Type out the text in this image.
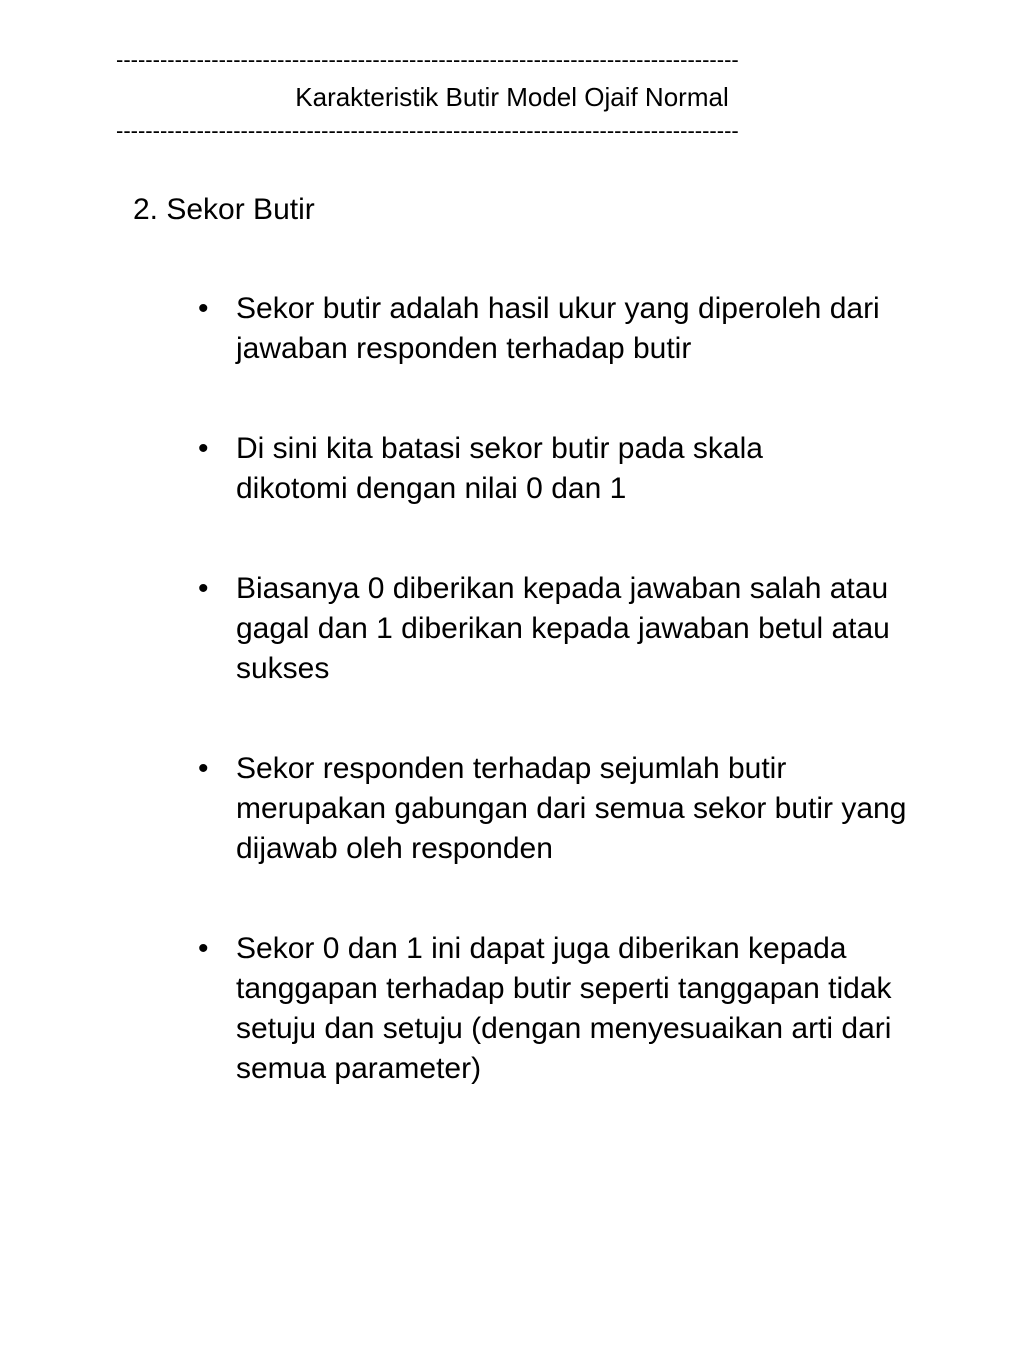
-------------------------------------------------------------------------------------
Karakteristik Butir Model Ojaif Normal
-------------------------------------------------------------------------------------
2. Sekor Butir
• Sekor butir adalah hasil ukur yang diperoleh dari jawaban responden terhadap butir
• Di sini kita batasi sekor butir pada skala dikotomi dengan nilai 0 dan 1
• Biasanya 0 diberikan kepada jawaban salah atau gagal dan 1 diberikan kepada jawaban betul atau sukses
• Sekor responden terhadap sejumlah butir merupakan gabungan dari semua sekor butir yang dijawab oleh responden
• Sekor 0 dan 1 ini dapat juga diberikan kepada tanggapan terhadap butir seperti tanggapan tidak setuju dan setuju (dengan menyesuaikan arti dari semua parameter)
